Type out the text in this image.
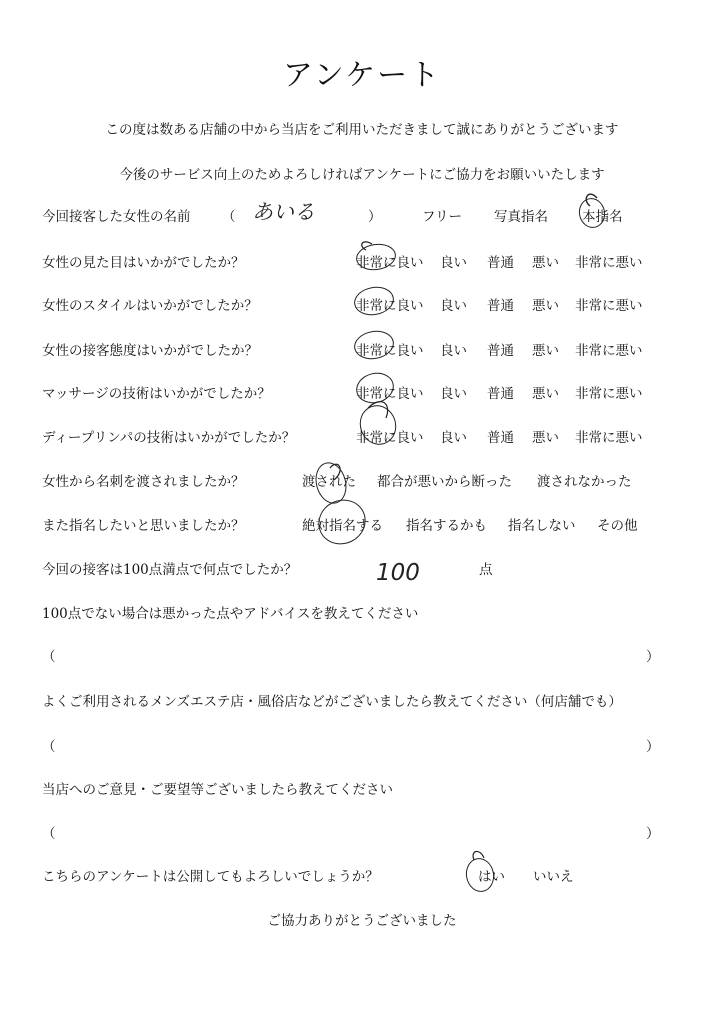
アンケート
この度は数ある店舗の中から当店をご利用いただきまして誠にありがとうございます
今後のサービス向上のためよろしければアンケートにご協力をお願いいたします
今回接客した女性の名前 （ あいる	）	フリー 写真指名	本指名
女性の見た目はいかがでしたか？	非常に良い 良い 普通 悪い 非常に悪い
女性のスタイルはいかがでしたか？	非常に良い 良い 普通 悪い 非常に悪い
女性の接客態度はいかがでしたか？	非常に良い 良い 普通 悪い 非常に悪い
マッサージの技術はいかがでしたか？	非常に良い 良い 普通 悪い 非常に悪い
ディープリンパの技術はいかがでしたか？	非常に良い 良い 普通 悪い 非常に悪い
女性から名刺を渡されましたか？	渡された 都合が悪いから断った 渡されなかった
また指名したいと思いましたか？	絶対指名する 指名するかも 指名しない その他
今回の接客は100点満点で何点でしたか？	100	点
100点でない場合は悪かった点やアドバイスを教えてください
（	）
よくご利用されるメンズエステ店・風俗店などがございましたら教えてください（何店舗でも）
（	）
当店へのご意見・ご要望等ございましたら教えてください
（	）
こちらのアンケートは公開してもよろしいでしょうか？	はい いいえ
ご協力ありがとうございました
